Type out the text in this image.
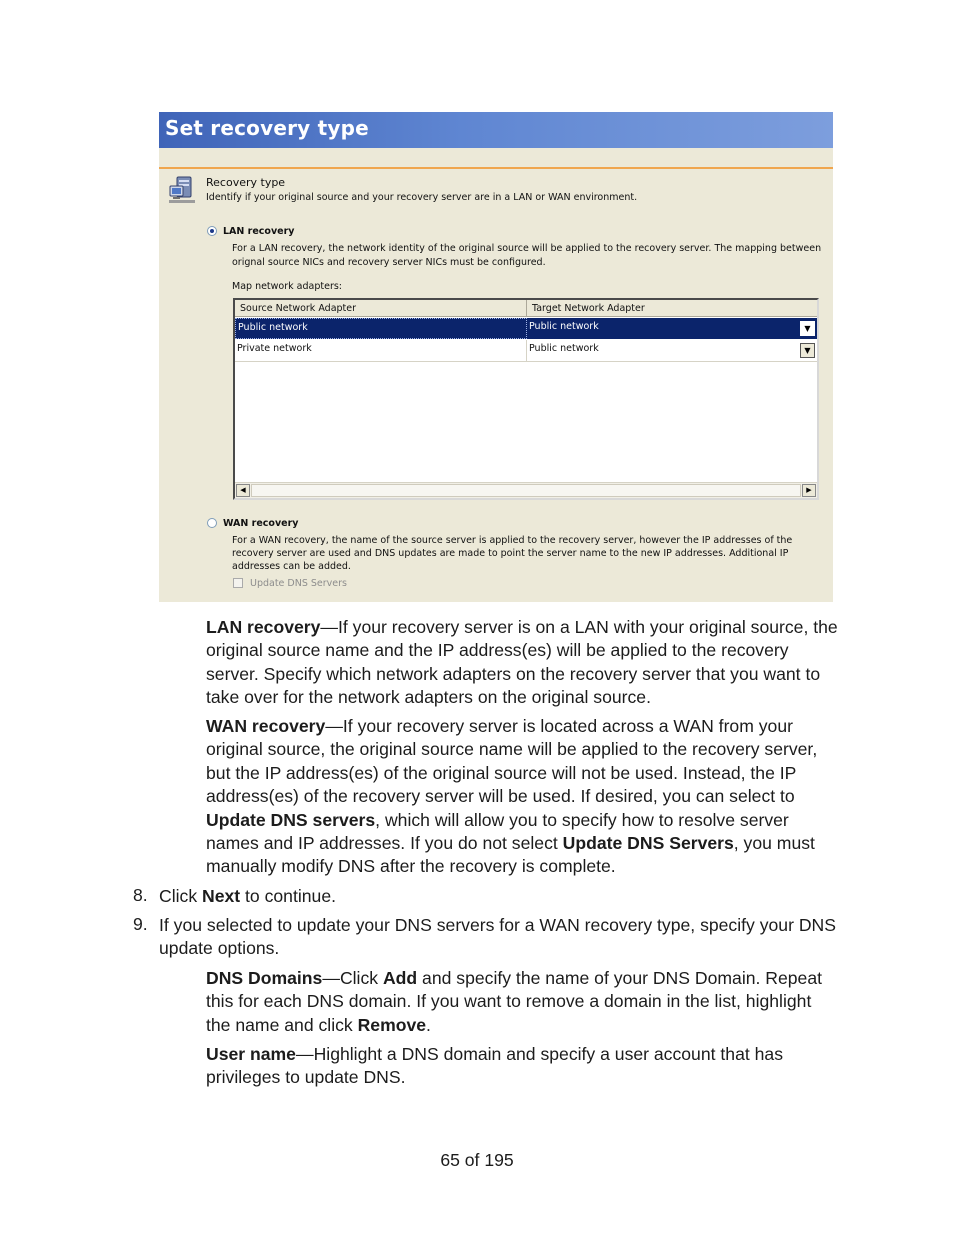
Set recovery type
Recovery type
Identify if your original source and your recovery server are in a LAN or WAN environment.
LAN recovery
For a LAN recovery, the network identity of the original source will be applied to the recovery server. The mapping between
orignal source NICs and recovery server NICs must be configured.
Map network adapters:
Source Network Adapter	Target Network Adapter
Public network	Public network	▼
Private network	Public network	▼
◀	▶
WAN recovery
For a WAN recovery, the name of the source server is applied to the recovery server, however the IP addresses of the
recovery server are used and DNS updates are made to point the server name to the new IP addresses. Additional IP
addresses can be added.
Update DNS Servers
LAN recovery—If your recovery server is on a LAN with your original source, the original source name and the IP address(es) will be applied to the recovery server. Specify which network adapters on the recovery server that you want to take over for the network adapters on the original source.
WAN recovery—If your recovery server is located across a WAN from your original source, the original source name will be applied to the recovery server, but the IP address(es) of the original source will not be used. Instead, the IP address(es) of the recovery server will be used. If desired, you can select to Update DNS servers, which will allow you to specify how to resolve server names and IP addresses. If you do not select Update DNS Servers, you must manually modify DNS after the recovery is complete.
8. Click Next to continue.
9. If you selected to update your DNS servers for a WAN recovery type, specify your DNS update options.
DNS Domains—Click Add and specify the name of your DNS Domain. Repeat this for each DNS domain. If you want to remove a domain in the list, highlight the name and click Remove.
User name—Highlight a DNS domain and specify a user account that has privileges to update DNS.
65 of 195
